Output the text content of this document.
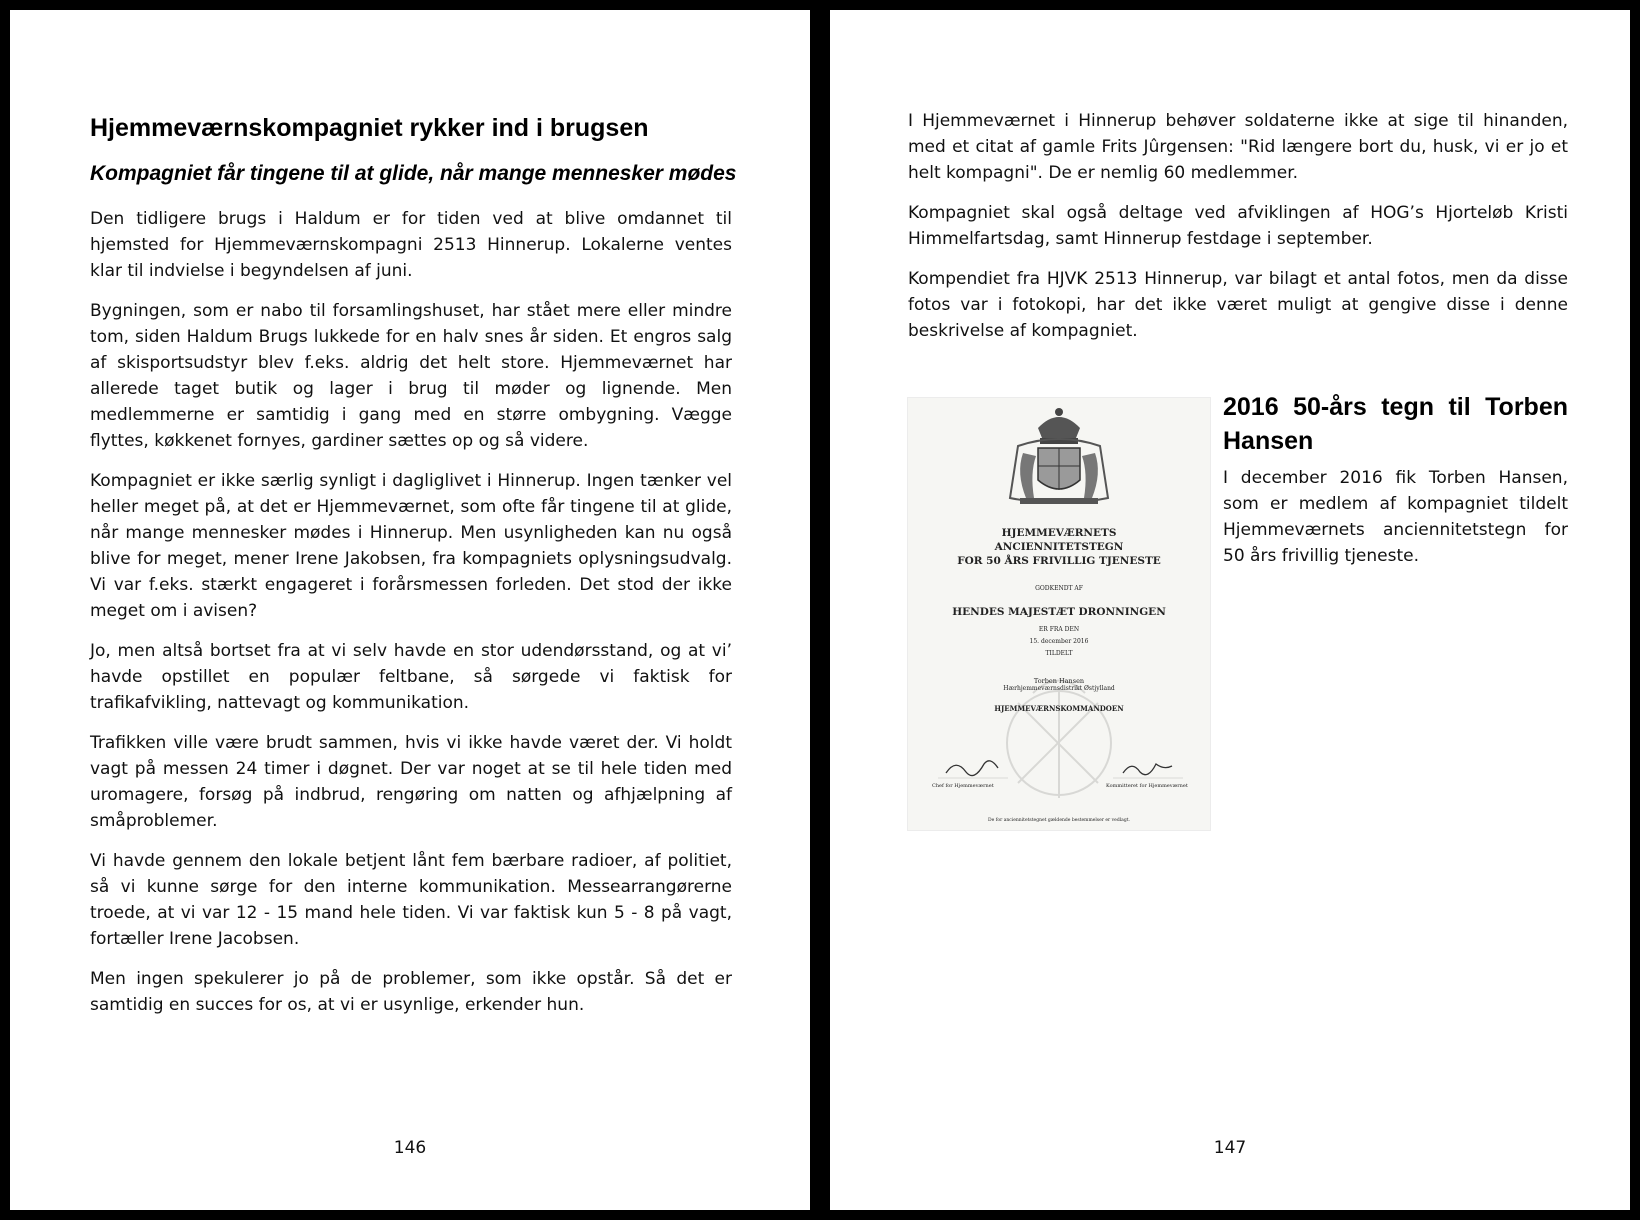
Hjemmeværnskompagniet rykker ind i brugsen
Kompagniet får tingene til at glide, når mange mennesker mødes

Den tidligere brugs i Haldum er for tiden ved at blive omdannet til hjemsted for Hjemmeværnskompagni 2513 Hinnerup. Lokalerne ventes klar til indvielse i begyndelsen af juni.

Bygningen, som er nabo til forsamlingshuset, har stået mere eller mindre tom, siden Haldum Brugs lukkede for en halv snes år siden. Et engros salg af skisportsudstyr blev f.eks. aldrig det helt store. Hjemmeværnet har allerede taget butik og lager i brug til møder og lignende. Men medlemmerne er samtidig i gang med en større ombygning. Vægge flyttes, køkkenet fornyes, gardiner sættes op og så videre.

Kompagniet er ikke særlig synligt i dagliglivet i Hinnerup. Ingen tænker vel heller meget på, at det er Hjemmeværnet, som ofte får tingene til at glide, når mange mennesker mødes i Hinnerup. Men usynligheden kan nu også blive for meget, mener Irene Jakobsen, fra kompagniets oplysningsudvalg. Vi var f.eks. stærkt engageret i forårsmessen forleden. Det stod der ikke meget om i avisen?

Jo, men altså bortset fra at vi selv havde en stor udendørsstand, og at vi’ havde opstillet en populær feltbane, så sørgede vi faktisk for trafikafvikling, nattevagt og kommunikation.

Trafikken ville være brudt sammen, hvis vi ikke havde været der. Vi holdt vagt på messen 24 timer i døgnet. Der var noget at se til hele tiden med uromagere, forsøg på indbrud, rengøring om natten og afhjælpning af småproblemer.

Vi havde gennem den lokale betjent lånt fem bærbare radioer, af politiet, så vi kunne sørge for den interne kommunikation. Messearrangørerne troede, at vi var 12 - 15 mand hele tiden. Vi var faktisk kun 5 - 8 på vagt, fortæller Irene Jacobsen.

Men ingen spekulerer jo på de problemer, som ikke opstår. Så det er samtidig en succes for os, at vi er usynlige, erkender hun.

146

I Hjemmeværnet i Hinnerup behøver soldaterne ikke at sige til hinanden, med et citat af gamle Frits Jûrgensen: "Rid længere bort du, husk, vi er jo et helt kompagni". De er nemlig 60 medlemmer.

Kompagniet skal også deltage ved afviklingen af HOG’s Hjorteløb Kristi Himmelfartsdag, samt Hinnerup festdage i september.

Kompendiet fra HJVK 2513 Hinnerup, var bilagt et antal fotos, men da disse fotos var i fotokopi, har det ikke været muligt at gengive disse i denne beskrivelse af kompagniet.

HJEMMEVÆRNETS
ANCIENNITETSTEGN
FOR 50 ÅRS FRIVILLIG TJENESTE
GODKENDT AF
HENDES MAJESTÆT DRONNINGEN
ER FRA DEN
15. december 2016
TILDELT
Torben Hansen
Hærhjemmeværnsdistrikt Østjylland
HJEMMEVÆRNSKOMMANDOEN
Chef for Hjemmeværnet	Kommitteret for Hjemmeværnet
De for anciennitetstegnet gældende bestemmelser er vedlagt.
2016 50-års tegn til Torben
Hansen

I december 2016 fik Torben Hansen, som er medlem af kompagniet tildelt Hjemmeværnets anciennitetstegn for 50 års frivillig tjeneste.

147
